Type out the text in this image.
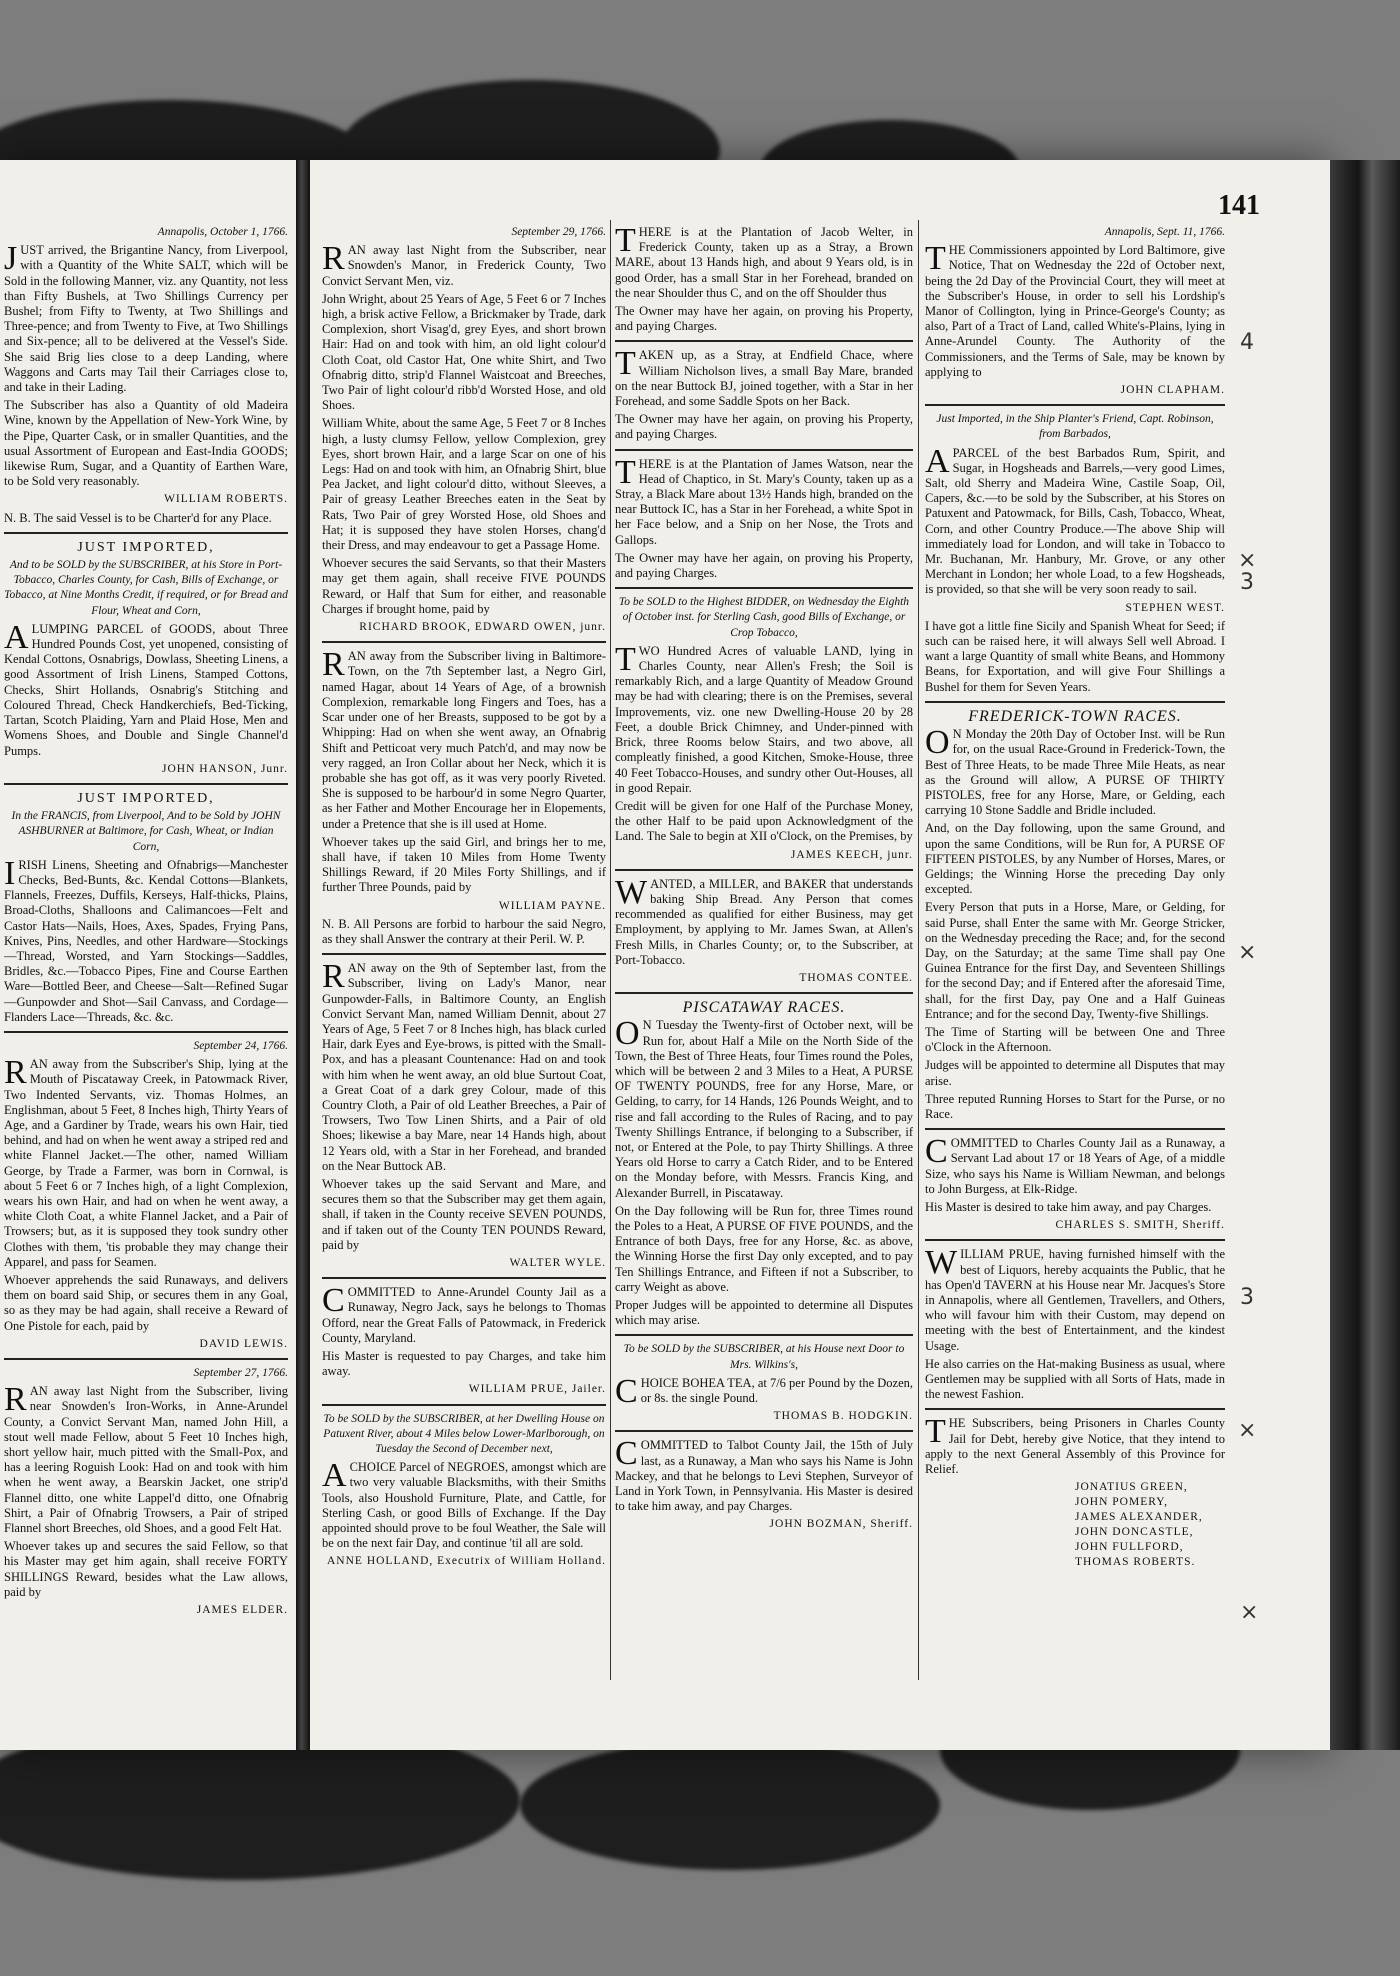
141

Annapolis, October 1, 1766.

JUST arrived, the Brigantine Nancy, from Liverpool, with a Quantity of the White SALT, which will be Sold in the following Manner, viz. any Quantity, not less than Fifty Bushels, at Two Shillings Currency per Bushel; from Fifty to Twenty, at Two Shillings and Three-pence; and from Twenty to Five, at Two Shillings and Six-pence; all to be delivered at the Vessel's Side. She said Brig lies close to a deep Landing, where Waggons and Carts may Tail their Carriages close to, and take in their Lading.

The Subscriber has also a Quantity of old Madeira Wine, known by the Appellation of New-York Wine, by the Pipe, Quarter Cask, or in smaller Quantities, and the usual Assortment of European and East-India GOODS; likewise Rum, Sugar, and a Quantity of Earthen Ware, to be Sold very reasonably.

WILLIAM ROBERTS.

N. B. The said Vessel is to be Charter'd for any Place.

JUST IMPORTED,

And to be SOLD by the SUBSCRIBER, at his Store in Port-Tobacco, Charles County, for Cash, Bills of Exchange, or Tobacco, at Nine Months Credit, if required, or for Bread and Flour, Wheat and Corn,

ALUMPING PARCEL of GOODS, about Three Hundred Pounds Cost, yet unopened, consisting of Kendal Cottons, Osnabrigs, Dowlass, Sheeting Linens, a good Assortment of Irish Linens, Stamped Cottons, Checks, Shirt Hollands, Osnabrig's Stitching and Coloured Thread, Check Handkerchiefs, Bed-Ticking, Tartan, Scotch Plaiding, Yarn and Plaid Hose, Men and Womens Shoes, and Double and Single Channel'd Pumps.

JOHN HANSON, Junr.

JUST IMPORTED,

In the FRANCIS, from Liverpool, And to be Sold by JOHN ASHBURNER at Baltimore, for Cash, Wheat, or Indian Corn,

IRISH Linens, Sheeting and Ofnabrigs—Manchester Checks, Bed-Bunts, &c. Kendal Cottons—Blankets, Flannels, Freezes, Duffils, Kerseys, Half-thicks, Plains, Broad-Cloths, Shalloons and Calimancoes—Felt and Castor Hats—Nails, Hoes, Axes, Spades, Frying Pans, Knives, Pins, Needles, and other Hardware—Stockings—Thread, Worsted, and Yarn Stockings—Saddles, Bridles, &c.—Tobacco Pipes, Fine and Course Earthen Ware—Bottled Beer, and Cheese—Salt—Refined Sugar—Gunpowder and Shot—Sail Canvass, and Cordage—Flanders Lace—Threads, &c. &c.

September 24, 1766.

RAN away from the Subscriber's Ship, lying at the Mouth of Piscataway Creek, in Patowmack River, Two Indented Servants, viz. Thomas Holmes, an Englishman, about 5 Feet, 8 Inches high, Thirty Years of Age, and a Gardiner by Trade, wears his own Hair, tied behind, and had on when he went away a striped red and white Flannel Jacket.—The other, named William George, by Trade a Farmer, was born in Cornwal, is about 5 Feet 6 or 7 Inches high, of a light Complexion, wears his own Hair, and had on when he went away, a white Cloth Coat, a white Flannel Jacket, and a Pair of Trowsers; but, as it is supposed they took sundry other Clothes with them, 'tis probable they may change their Apparel, and pass for Seamen.

Whoever apprehends the said Runaways, and delivers them on board said Ship, or secures them in any Goal, so as they may be had again, shall receive a Reward of One Pistole for each, paid by

DAVID LEWIS.

September 27, 1766.

RAN away last Night from the Subscriber, living near Snowden's Iron-Works, in Anne-Arundel County, a Convict Servant Man, named John Hill, a stout well made Fellow, about 5 Feet 10 Inches high, short yellow hair, much pitted with the Small-Pox, and has a leering Roguish Look: Had on and took with him when he went away, a Bearskin Jacket, one strip'd Flannel ditto, one white Lappel'd ditto, one Ofnabrig Shirt, a Pair of Ofnabrig Trowsers, a Pair of striped Flannel short Breeches, old Shoes, and a good Felt Hat.

Whoever takes up and secures the said Fellow, so that his Master may get him again, shall receive FORTY SHILLINGS Reward, besides what the Law allows, paid by

JAMES ELDER.

September 29, 1766.

RAN away last Night from the Subscriber, near Snowden's Manor, in Frederick County, Two Convict Servant Men, viz.

John Wright, about 25 Years of Age, 5 Feet 6 or 7 Inches high, a brisk active Fellow, a Brickmaker by Trade, dark Complexion, short Visag'd, grey Eyes, and short brown Hair: Had on and took with him, an old light colour'd Cloth Coat, old Castor Hat, One white Shirt, and Two Ofnabrig ditto, strip'd Flannel Waistcoat and Breeches, Two Pair of light colour'd ribb'd Worsted Hose, and old Shoes.

William White, about the same Age, 5 Feet 7 or 8 Inches high, a lusty clumsy Fellow, yellow Complexion, grey Eyes, short brown Hair, and a large Scar on one of his Legs: Had on and took with him, an Ofnabrig Shirt, blue Pea Jacket, and light colour'd ditto, without Sleeves, a Pair of greasy Leather Breeches eaten in the Seat by Rats, Two Pair of grey Worsted Hose, old Shoes and Hat; it is supposed they have stolen Horses, chang'd their Dress, and may endeavour to get a Passage Home.

Whoever secures the said Servants, so that their Masters may get them again, shall receive FIVE POUNDS Reward, or Half that Sum for either, and reasonable Charges if brought home, paid by

RICHARD BROOK, EDWARD OWEN, junr.

RAN away from the Subscriber living in Baltimore-Town, on the 7th September last, a Negro Girl, named Hagar, about 14 Years of Age, of a brownish Complexion, remarkable long Fingers and Toes, has a Scar under one of her Breasts, supposed to be got by a Whipping: Had on when she went away, an Ofnabrig Shift and Petticoat very much Patch'd, and may now be very ragged, an Iron Collar about her Neck, which it is probable she has got off, as it was very poorly Riveted. She is supposed to be harbour'd in some Negro Quarter, as her Father and Mother Encourage her in Elopements, under a Pretence that she is ill used at Home.

Whoever takes up the said Girl, and brings her to me, shall have, if taken 10 Miles from Home Twenty Shillings Reward, if 20 Miles Forty Shillings, and if further Three Pounds, paid by

WILLIAM PAYNE.

N. B. All Persons are forbid to harbour the said Negro, as they shall Answer the contrary at their Peril. W. P.

RAN away on the 9th of September last, from the Subscriber, living on Lady's Manor, near Gunpowder-Falls, in Baltimore County, an English Convict Servant Man, named William Dennit, about 27 Years of Age, 5 Feet 7 or 8 Inches high, has black curled Hair, dark Eyes and Eye-brows, is pitted with the Small-Pox, and has a pleasant Countenance: Had on and took with him when he went away, an old blue Surtout Coat, a Great Coat of a dark grey Colour, made of this Country Cloth, a Pair of old Leather Breeches, a Pair of Trowsers, Two Tow Linen Shirts, and a Pair of old Shoes; likewise a bay Mare, near 14 Hands high, about 12 Years old, with a Star in her Forehead, and branded on the Near Buttock AB.

Whoever takes up the said Servant and Mare, and secures them so that the Subscriber may get them again, shall, if taken in the County receive SEVEN POUNDS, and if taken out of the County TEN POUNDS Reward, paid by

WALTER WYLE.

COMMITTED to Anne-Arundel County Jail as a Runaway, Negro Jack, says he belongs to Thomas Offord, near the Great Falls of Patowmack, in Frederick County, Maryland.

His Master is requested to pay Charges, and take him away.

WILLIAM PRUE, Jailer.

To be SOLD by the SUBSCRIBER, at her Dwelling House on Patuxent River, about 4 Miles below Lower-Marlborough, on Tuesday the Second of December next,

ACHOICE Parcel of NEGROES, amongst which are two very valuable Blacksmiths, with their Smiths Tools, also Houshold Furniture, Plate, and Cattle, for Sterling Cash, or good Bills of Exchange. If the Day appointed should prove to be foul Weather, the Sale will be on the next fair Day, and continue 'til all are sold.

ANNE HOLLAND, Executrix of William Holland.

THERE is at the Plantation of Jacob Welter, in Frederick County, taken up as a Stray, a Brown MARE, about 13 Hands high, and about 9 Years old, is in good Order, has a small Star in her Forehead, branded on the near Shoulder thus C, and on the off Shoulder thus

The Owner may have her again, on proving his Property, and paying Charges.

TAKEN up, as a Stray, at Endfield Chace, where William Nicholson lives, a small Bay Mare, branded on the near Buttock BJ, joined together, with a Star in her Forehead, and some Saddle Spots on her Back.

The Owner may have her again, on proving his Property, and paying Charges.

THERE is at the Plantation of James Watson, near the Head of Chaptico, in St. Mary's County, taken up as a Stray, a Black Mare about 13½ Hands high, branded on the near Buttock IC, has a Star in her Forehead, a white Spot in her Face below, and a Snip on her Nose, the Trots and Gallops.

The Owner may have her again, on proving his Property, and paying Charges.

To be SOLD to the Highest BIDDER, on Wednesday the Eighth of October inst. for Sterling Cash, good Bills of Exchange, or Crop Tobacco,

TWO Hundred Acres of valuable LAND, lying in Charles County, near Allen's Fresh; the Soil is remarkably Rich, and a large Quantity of Meadow Ground may be had with clearing; there is on the Premises, several Improvements, viz. one new Dwelling-House 20 by 28 Feet, a double Brick Chimney, and Under-pinned with Brick, three Rooms below Stairs, and two above, all compleatly finished, a good Kitchen, Smoke-House, three 40 Feet Tobacco-Houses, and sundry other Out-Houses, all in good Repair.

Credit will be given for one Half of the Purchase Money, the other Half to be paid upon Acknowledgment of the Land. The Sale to begin at XII o'Clock, on the Premises, by

JAMES KEECH, junr.

WANTED, a MILLER, and BAKER that understands baking Ship Bread. Any Person that comes recommended as qualified for either Business, may get Employment, by applying to Mr. James Swan, at Allen's Fresh Mills, in Charles County; or, to the Subscriber, at Port-Tobacco.

THOMAS CONTEE.

PISCATAWAY RACES.

ON Tuesday the Twenty-first of October next, will be Run for, about Half a Mile on the North Side of the Town, the Best of Three Heats, four Times round the Poles, which will be between 2 and 3 Miles to a Heat, A PURSE OF TWENTY POUNDS, free for any Horse, Mare, or Gelding, to carry, for 14 Hands, 126 Pounds Weight, and to rise and fall according to the Rules of Racing, and to pay Twenty Shillings Entrance, if belonging to a Subscriber, if not, or Entered at the Pole, to pay Thirty Shillings. A three Years old Horse to carry a Catch Rider, and to be Entered on the Monday before, with Messrs. Francis King, and Alexander Burrell, in Piscataway.

On the Day following will be Run for, three Times round the Poles to a Heat, A PURSE OF FIVE POUNDS, and the Entrance of both Days, free for any Horse, &c. as above, the Winning Horse the first Day only excepted, and to pay Ten Shillings Entrance, and Fifteen if not a Subscriber, to carry Weight as above.

Proper Judges will be appointed to determine all Disputes which may arise.

To be SOLD by the SUBSCRIBER, at his House next Door to Mrs. Wilkins's,

CHOICE BOHEA TEA, at 7/6 per Pound by the Dozen, or 8s. the single Pound.

THOMAS B. HODGKIN.

COMMITTED to Talbot County Jail, the 15th of July last, as a Runaway, a Man who says his Name is John Mackey, and that he belongs to Levi Stephen, Surveyor of Land in York Town, in Pennsylvania. His Master is desired to take him away, and pay Charges.

JOHN BOZMAN, Sheriff.

Annapolis, Sept. 11, 1766.

THE Commissioners appointed by Lord Baltimore, give Notice, That on Wednesday the 22d of October next, being the 2d Day of the Provincial Court, they will meet at the Subscriber's House, in order to sell his Lordship's Manor of Collington, lying in Prince-George's County; as also, Part of a Tract of Land, called White's-Plains, lying in Anne-Arundel County. The Authority of the Commissioners, and the Terms of Sale, may be known by applying to

JOHN CLAPHAM.

Just Imported, in the Ship Planter's Friend, Capt. Robinson, from Barbados,

APARCEL of the best Barbados Rum, Spirit, and Sugar, in Hogsheads and Barrels,—very good Limes, Salt, old Sherry and Madeira Wine, Castile Soap, Oil, Capers, &c.—to be sold by the Subscriber, at his Stores on Patuxent and Patowmack, for Bills, Cash, Tobacco, Wheat, Corn, and other Country Produce.—The above Ship will immediately load for London, and will take in Tobacco to Mr. Buchanan, Mr. Hanbury, Mr. Grove, or any other Merchant in London; her whole Load, to a few Hogsheads, is provided, so that she will be very soon ready to sail.

STEPHEN WEST.

I have got a little fine Sicily and Spanish Wheat for Seed; if such can be raised here, it will always Sell well Abroad. I want a large Quantity of small white Beans, and Hommony Beans, for Exportation, and will give Four Shillings a Bushel for them for Seven Years.

FREDERICK-TOWN RACES.

ON Monday the 20th Day of October Inst. will be Run for, on the usual Race-Ground in Frederick-Town, the Best of Three Heats, to be made Three Mile Heats, as near as the Ground will allow, A PURSE OF THIRTY PISTOLES, free for any Horse, Mare, or Gelding, each carrying 10 Stone Saddle and Bridle included.

And, on the Day following, upon the same Ground, and upon the same Conditions, will be Run for, A PURSE OF FIFTEEN PISTOLES, by any Number of Horses, Mares, or Geldings; the Winning Horse the preceding Day only excepted.

Every Person that puts in a Horse, Mare, or Gelding, for said Purse, shall Enter the same with Mr. George Stricker, on the Wednesday preceding the Race; and, for the second Day, on the Saturday; at the same Time shall pay One Guinea Entrance for the first Day, and Seventeen Shillings for the second Day; and if Entered after the aforesaid Time, shall, for the first Day, pay One and a Half Guineas Entrance; and for the second Day, Twenty-five Shillings.

The Time of Starting will be between One and Three o'Clock in the Afternoon.

Judges will be appointed to determine all Disputes that may arise.

Three reputed Running Horses to Start for the Purse, or no Race.

COMMITTED to Charles County Jail as a Runaway, a Servant Lad about 17 or 18 Years of Age, of a middle Size, who says his Name is William Newman, and belongs to John Burgess, at Elk-Ridge.

His Master is desired to take him away, and pay Charges.

CHARLES S. SMITH, Sheriff.

WILLIAM PRUE, having furnished himself with the best of Liquors, hereby acquaints the Public, that he has Open'd TAVERN at his House near Mr. Jacques's Store in Annapolis, where all Gentlemen, Travellers, and Others, who will favour him with their Custom, may depend on meeting with the best of Entertainment, and the kindest Usage.

He also carries on the Hat-making Business as usual, where Gentlemen may be supplied with all Sorts of Hats, made in the newest Fashion.

THE Subscribers, being Prisoners in Charles County Jail for Debt, hereby give Notice, that they intend to apply to the next General Assembly of this Province for Relief.

JONATIUS GREEN,
JOHN POMERY,
JAMES ALEXANDER,
JOHN DONCASTLE,
JOHN FULLFORD,
THOMAS ROBERTS.
4
×
3
×
3
×
×
